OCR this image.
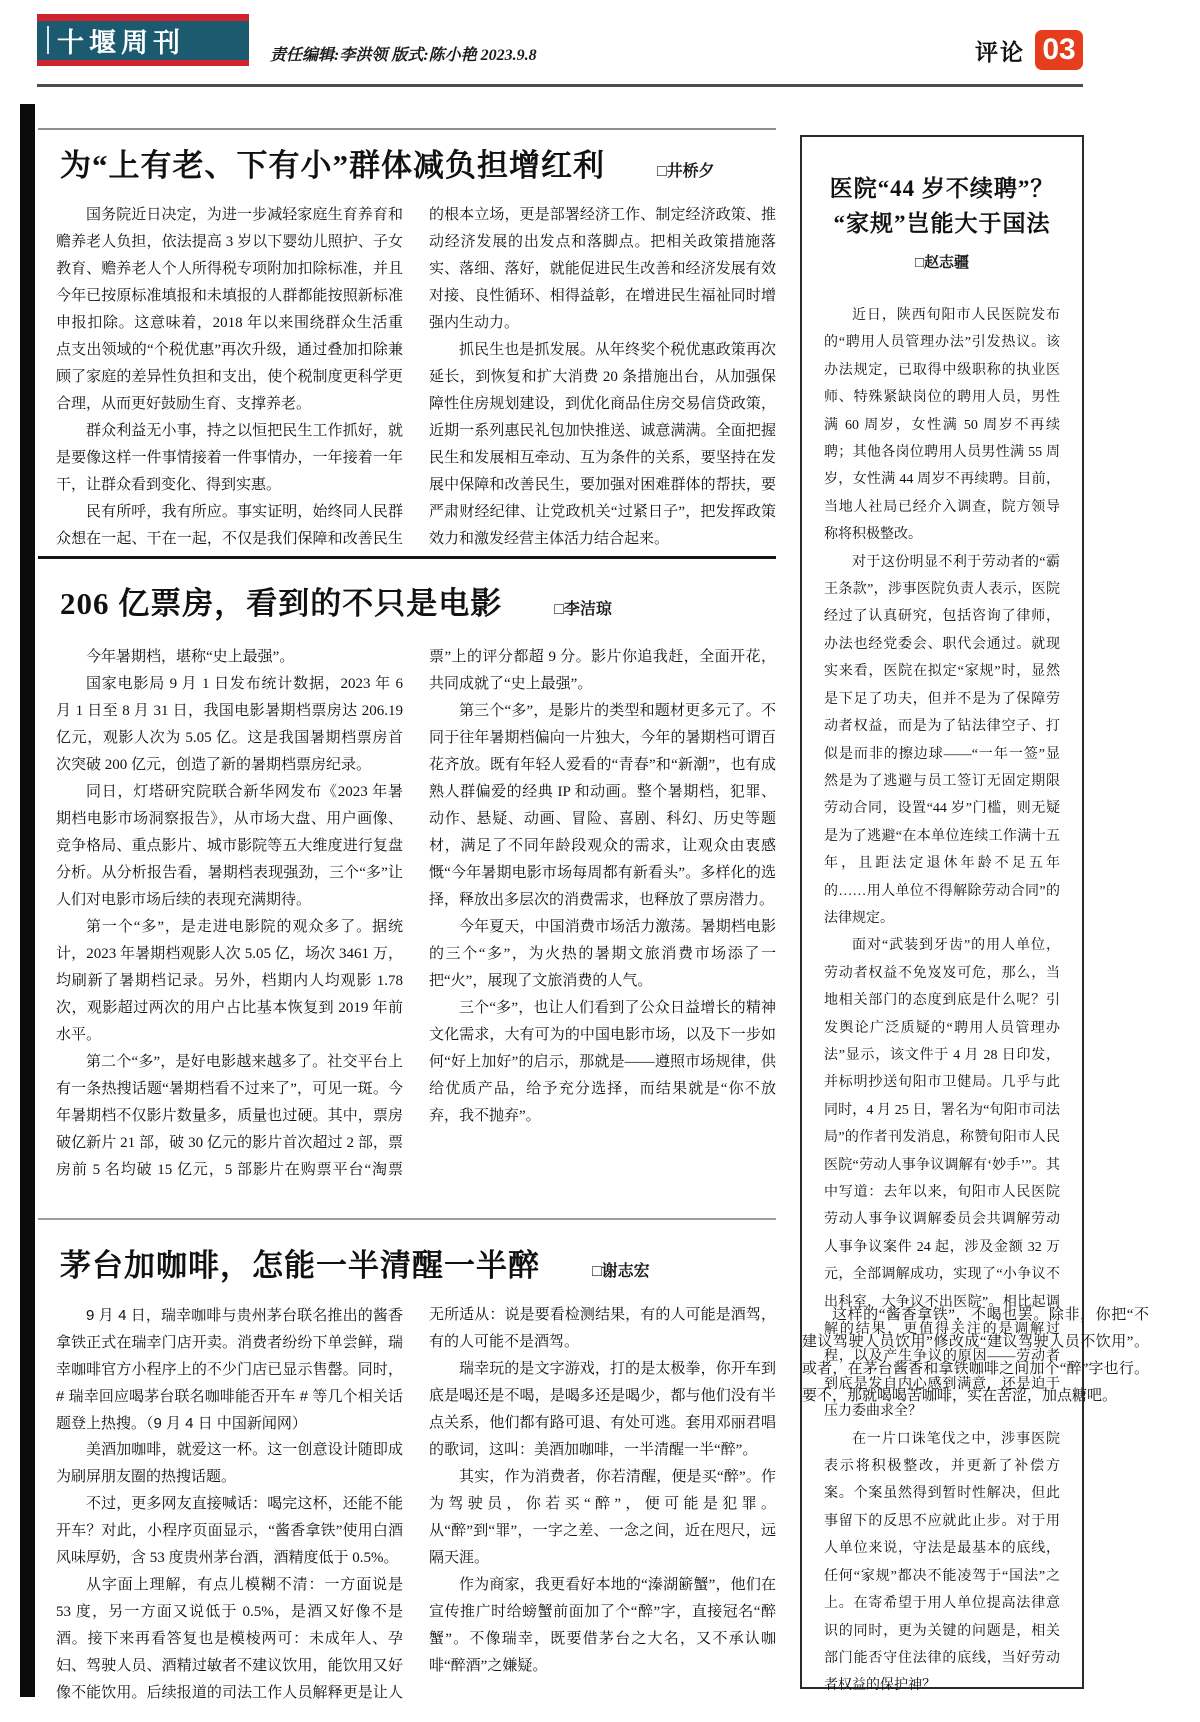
十堰周刊	责任编辑:李洪领 版式:陈小艳 2023.9.8	评论 03
为“上有老、下有小”群体减负担增红利	□井桥夕

国务院近日决定，为进一步减轻家庭生育养育和赡养老人负担，依法提高 3 岁以下婴幼儿照护、子女教育、赡养老人个人所得税专项附加扣除标准，并且今年已按原标准填报和未填报的人群都能按照新标准申报扣除。这意味着，2018 年以来围绕群众生活重点支出领域的“个税优惠”再次升级，通过叠加扣除兼顾了家庭的差异性负担和支出，使个税制度更科学更合理，从而更好鼓励生育、支撑养老。

群众利益无小事，持之以恒把民生工作抓好，就是要像这样一件事情接着一件事情办，一年接着一年干，让群众看到变化、得到实惠。

民有所呼，我有所应。事实证明，始终同人民群众想在一起、干在一起，不仅是我们保障和改善民生的根本立场，更是部署经济工作、制定经济政策、推动经济发展的出发点和落脚点。把相关政策措施落实、落细、落好，就能促进民生改善和经济发展有效对接、良性循环、相得益彰，在增进民生福祉同时增强内生动力。

抓民生也是抓发展。从年终奖个税优惠政策再次延长，到恢复和扩大消费 20 条措施出台，从加强保障性住房规划建设，到优化商品住房交易信贷政策，近期一系列惠民礼包加快推送、诚意满满。全面把握民生和发展相互牵动、互为条件的关系，要坚持在发展中保障和改善民生，要加强对困难群体的帮扶，要严肃财经纪律、让党政机关“过紧日子”，把发挥政策效力和激发经营主体活力结合起来。

206 亿票房，看到的不只是电影	□李洁琼

今年暑期档，堪称“史上最强”。

国家电影局 9 月 1 日发布统计数据，2023 年 6 月 1 日至 8 月 31 日，我国电影暑期档票房达 206.19 亿元，观影人次为 5.05 亿。这是我国暑期档票房首次突破 200 亿元，创造了新的暑期档票房纪录。

同日，灯塔研究院联合新华网发布《2023 年暑期档电影市场洞察报告》，从市场大盘、用户画像、竞争格局、重点影片、城市影院等五大维度进行复盘分析。从分析报告看，暑期档表现强劲，三个“多”让人们对电影市场后续的表现充满期待。

第一个“多”，是走进电影院的观众多了。据统计，2023 年暑期档观影人次 5.05 亿，场次 3461 万，均刷新了暑期档记录。另外，档期内人均观影 1.78 次，观影超过两次的用户占比基本恢复到 2019 年前水平。

第二个“多”，是好电影越来越多了。社交平台上有一条热搜话题“暑期档看不过来了”，可见一斑。今年暑期档不仅影片数量多，质量也过硬。其中，票房破亿新片 21 部，破 30 亿元的影片首次超过 2 部，票房前 5 名均破 15 亿元，5 部影片在购票平台“淘票票”上的评分都超 9 分。影片你追我赶，全面开花，共同成就了“史上最强”。

第三个“多”，是影片的类型和题材更多元了。不同于往年暑期档偏向一片独大，今年的暑期档可谓百花齐放。既有年轻人爱看的“青春”和“新潮”，也有成熟人群偏爱的经典 IP 和动画。整个暑期档，犯罪、动作、悬疑、动画、冒险、喜剧、科幻、历史等题材，满足了不同年龄段观众的需求，让观众由衷感慨“今年暑期电影市场每周都有新看头”。多样化的选择，释放出多层次的消费需求，也释放了票房潜力。

今年夏天，中国消费市场活力激荡。暑期档电影的三个“多”，为火热的暑期文旅消费市场添了一把“火”，展现了文旅消费的人气。

三个“多”，也让人们看到了公众日益增长的精神文化需求，大有可为的中国电影市场，以及下一步如何“好上加好”的启示，那就是——遵照市场规律，供给优质产品，给予充分选择，而结果就是“你不放弃，我不抛弃”。

茅台加咖啡，怎能一半清醒一半醉	□谢志宏

9 月 4 日，瑞幸咖啡与贵州茅台联名推出的酱香拿铁正式在瑞幸门店开卖。消费者纷纷下单尝鲜，瑞幸咖啡官方小程序上的不少门店已显示售罄。同时，# 瑞幸回应喝茅台联名咖啡能否开车 # 等几个相关话题登上热搜。（9 月 4 日 中国新闻网）

美酒加咖啡，就爱这一杯。这一创意设计随即成为刷屏朋友圈的热搜话题。

不过，更多网友直接喊话：喝完这杯，还能不能开车？对此，小程序页面显示，“酱香拿铁”使用白酒风味厚奶，含 53 度贵州茅台酒，酒精度低于 0.5%。

从字面上理解，有点儿模糊不清：一方面说是 53 度，另一方面又说低于 0.5%，是酒又好像不是酒。接下来再看答复也是模棱两可：未成年人、孕妇、驾驶人员、酒精过敏者不建议饮用，能饮用又好像不能饮用。后续报道的司法工作人员解释更是让人无所适从：说是要看检测结果，有的人可能是酒驾，有的人可能不是酒驾。

瑞幸玩的是文字游戏，打的是太极拳，你开车到底是喝还是不喝，是喝多还是喝少，都与他们没有半点关系，他们都有路可退、有处可逃。套用邓丽君唱的歌词，这叫：美酒加咖啡，一半清醒一半“醉”。

其实，作为消费者，你若清醒，便是买“醉”。作为驾驶员，你若买“醉”，便可能是犯罪。从“醉”到“罪”，一字之差、一念之间，近在咫尺，远隔天涯。

作为商家，我更看好本地的“溱湖簖蟹”，他们在宣传推广时给螃蟹前面加了个“醉”字，直接冠名“醉蟹”。不像瑞幸，既要借茅台之大名，又不承认咖啡“醉酒”之嫌疑。

这样的“酱香拿铁”，不喝也罢。除非，你把“不建议驾驶人员饮用”修改成“建议驾驶人员不饮用”。或者，在茅台酱香和拿铁咖啡之间加个“醉”字也行。要不，那就喝喝苦咖啡，实在苦涩，加点糖吧。

医院“44 岁不续聘”？
“家规”岂能大于国法
□赵志疆

近日，陕西旬阳市人民医院发布的“聘用人员管理办法”引发热议。该办法规定，已取得中级职称的执业医师、特殊紧缺岗位的聘用人员，男性满 60 周岁，女性满 50 周岁不再续聘；其他各岗位聘用人员男性满 55 周岁，女性满 44 周岁不再续聘。目前，当地人社局已经介入调查，院方领导称将积极整改。

对于这份明显不利于劳动者的“霸王条款”，涉事医院负责人表示，医院经过了认真研究，包括咨询了律师，办法也经党委会、职代会通过。就现实来看，医院在拟定“家规”时，显然是下足了功夫，但并不是为了保障劳动者权益，而是为了钻法律空子、打似是而非的擦边球——“一年一签”显然是为了逃避与员工签订无固定期限劳动合同，设置“44 岁”门槛，则无疑是为了逃避“在本单位连续工作满十五年，且距法定退休年龄不足五年的……用人单位不得解除劳动合同”的法律规定。

面对“武装到牙齿”的用人单位，劳动者权益不免岌岌可危，那么，当地相关部门的态度到底是什么呢？引发舆论广泛质疑的“聘用人员管理办法”显示，该文件于 4 月 28 日印发，并标明抄送旬阳市卫健局。几乎与此同时，4 月 25 日，署名为“旬阳市司法局”的作者刊发消息，称赞旬阳市人民医院“劳动人事争议调解有‘妙手’”。其中写道：去年以来，旬阳市人民医院劳动人事争议调解委员会共调解劳动人事争议案件 24 起，涉及金额 32 万元，全部调解成功，实现了“小争议不出科室，大争议不出医院”。相比起调解的结果，更值得关注的是调解过程，以及产生争议的原因——劳动者到底是发自内心感到满意，还是迫于压力委曲求全？

在一片口诛笔伐之中，涉事医院表示将积极整改，并更新了补偿方案。个案虽然得到暂时性解决，但此事留下的反思不应就此止步。对于用人单位来说，守法是最基本的底线，任何“家规”都决不能凌驾于“国法”之上。在寄希望于用人单位提高法律意识的同时，更为关键的问题是，相关部门能否守住法律的底线，当好劳动者权益的保护神？
